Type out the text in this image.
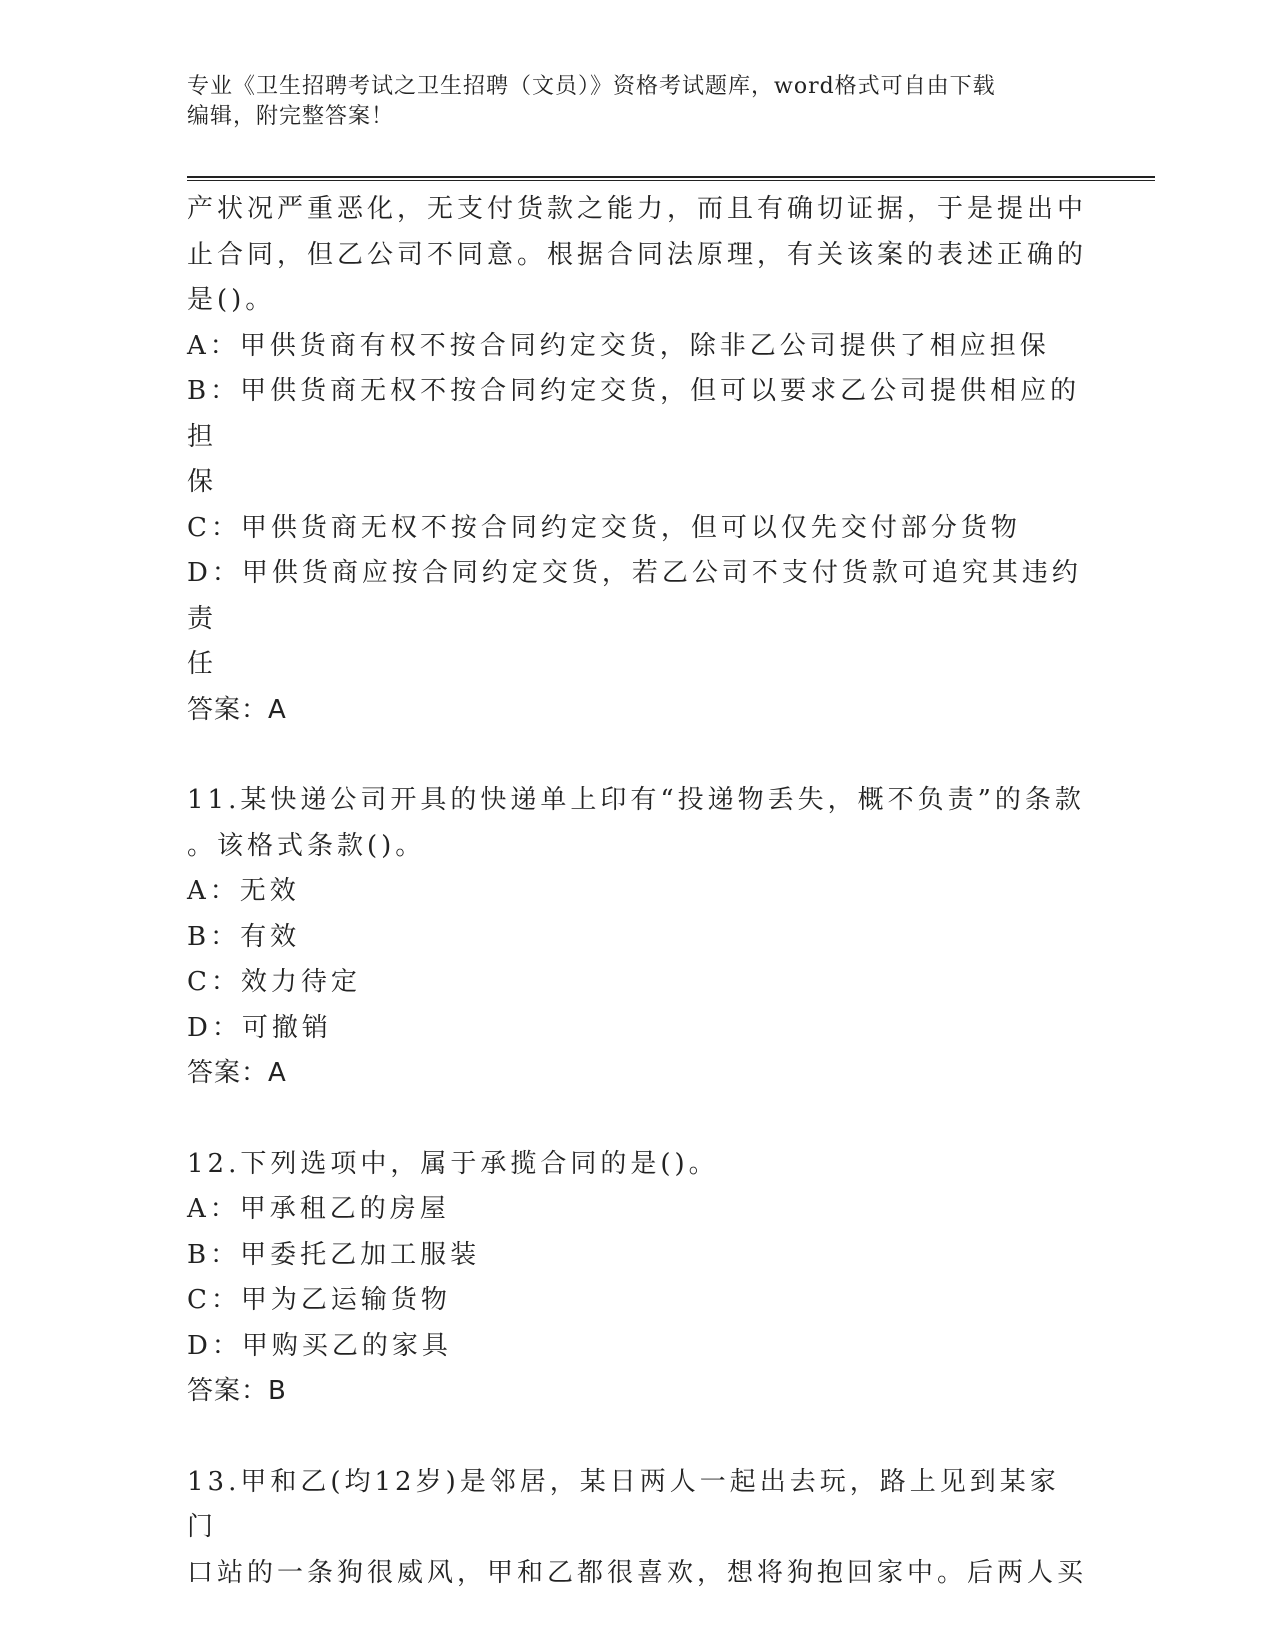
专业《卫生招聘考试之卫生招聘（文员）》资格考试题库，word格式可自由下载
编辑，附完整答案！
产状况严重恶化，无支付货款之能力，而且有确切证据，于是提出中
止合同，但乙公司不同意。根据合同法原理，有关该案的表述正确的
是()。
A：甲供货商有权不按合同约定交货，除非乙公司提供了相应担保
B：甲供货商无权不按合同约定交货，但可以要求乙公司提供相应的担
保
C：甲供货商无权不按合同约定交货，但可以仅先交付部分货物
D：甲供货商应按合同约定交货，若乙公司不支付货款可追究其违约责
任
答案：A
11.某快递公司开具的快递单上印有“投递物丢失，概不负责”的条款
。该格式条款()。
A：无效
B：有效
C：效力待定
D：可撤销
答案：A
12.下列选项中，属于承揽合同的是()。
A：甲承租乙的房屋
B：甲委托乙加工服装
C：甲为乙运输货物
D：甲购买乙的家具
答案：B
13.甲和乙(均12岁)是邻居，某日两人一起出去玩，路上见到某家门
口站的一条狗很威风，甲和乙都很喜欢，想将狗抱回家中。后两人买
